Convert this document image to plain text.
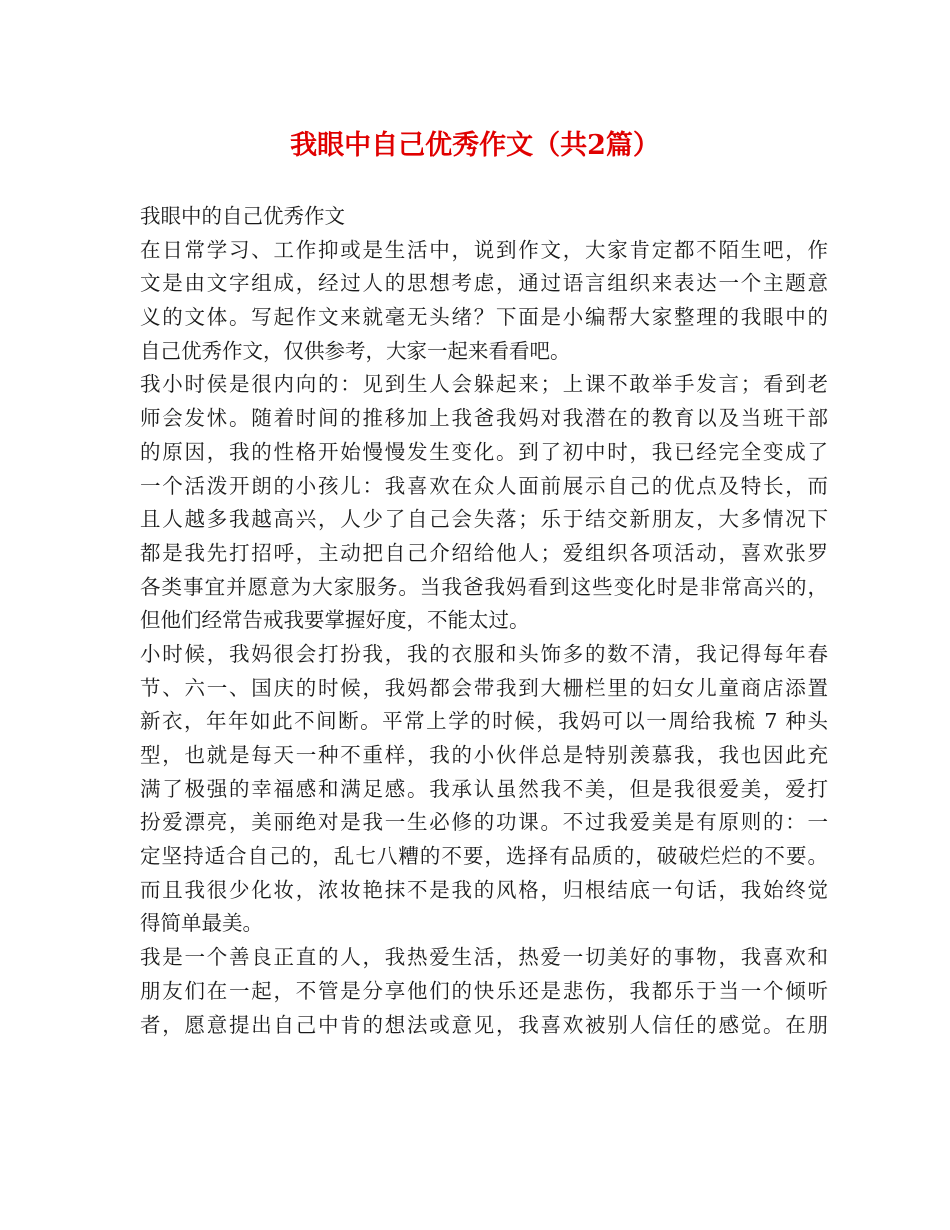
我眼中自己优秀作文（共2篇）
我眼中的自己优秀作文
在日常学习、工作抑或是生活中，说到作文，大家肯定都不陌生吧，作
文是由文字组成，经过人的思想考虑，通过语言组织来表达一个主题意
义的文体。写起作文来就毫无头绪？下面是小编帮大家整理的我眼中的
自己优秀作文，仅供参考，大家一起来看看吧。
我小时侯是很内向的：见到生人会躲起来；上课不敢举手发言；看到老
师会发怵。随着时间的推移加上我爸我妈对我潜在的教育以及当班干部
的原因，我的性格开始慢慢发生变化。到了初中时，我已经完全变成了
一个活泼开朗的小孩儿：我喜欢在众人面前展示自己的优点及特长，而
且人越多我越高兴，人少了自己会失落；乐于结交新朋友，大多情况下
都是我先打招呼，主动把自己介绍给他人；爱组织各项活动，喜欢张罗
各类事宜并愿意为大家服务。当我爸我妈看到这些变化时是非常高兴的，
但他们经常告戒我要掌握好度，不能太过。
小时候，我妈很会打扮我，我的衣服和头饰多的数不清，我记得每年春
节、六一、国庆的时候，我妈都会带我到大栅栏里的妇女儿童商店添置
新衣，年年如此不间断。平常上学的时候，我妈可以一周给我梳 7 种头
型，也就是每天一种不重样，我的小伙伴总是特别羡慕我，我也因此充
满了极强的幸福感和满足感。我承认虽然我不美，但是我很爱美，爱打
扮爱漂亮，美丽绝对是我一生必修的功课。不过我爱美是有原则的：一
定坚持适合自己的，乱七八糟的不要，选择有品质的，破破烂烂的不要。
而且我很少化妆，浓妆艳抹不是我的风格，归根结底一句话，我始终觉
得简单最美。
我是一个善良正直的人，我热爱生活，热爱一切美好的事物，我喜欢和
朋友们在一起，不管是分享他们的快乐还是悲伤，我都乐于当一个倾听
者，愿意提出自己中肯的想法或意见，我喜欢被别人信任的感觉。在朋
